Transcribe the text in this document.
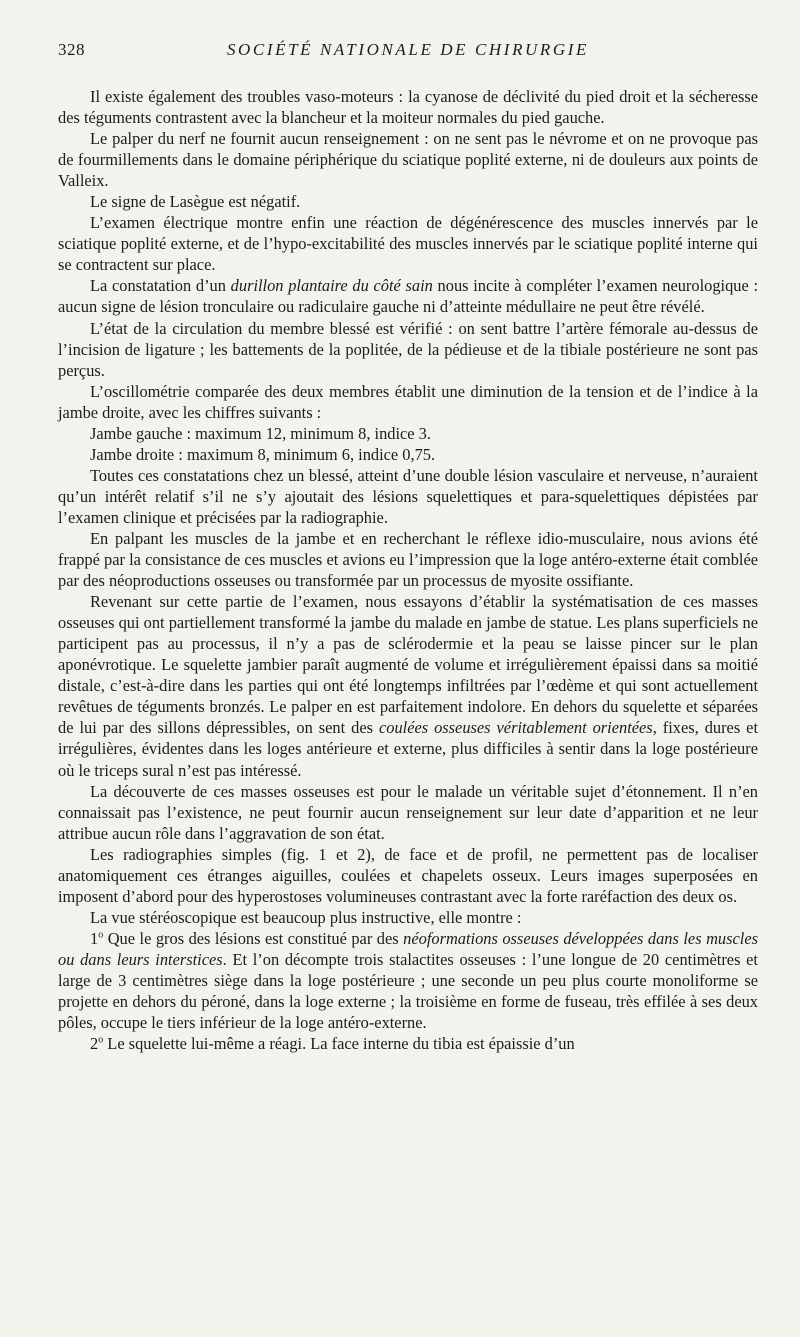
328	SOCIÉTÉ NATIONALE DE CHIRURGIE

Il existe également des troubles vaso-moteurs : la cyanose de déclivité du pied droit et la sécheresse des téguments contrastent avec la blancheur et la moiteur normales du pied gauche.

Le palper du nerf ne fournit aucun renseignement : on ne sent pas le névrome et on ne provoque pas de fourmillements dans le domaine périphérique du sciatique poplité externe, ni de douleurs aux points de Valleix.

Le signe de Lasègue est négatif.

L’examen électrique montre enfin une réaction de dégénérescence des muscles innervés par le sciatique poplité externe, et de l’hypo-excitabilité des muscles innervés par le sciatique poplité interne qui se contractent sur place.

La constatation d’un durillon plantaire du côté sain nous incite à compléter l’examen neurologique : aucun signe de lésion tronculaire ou radiculaire gauche ni d’atteinte médullaire ne peut être révélé.

L’état de la circulation du membre blessé est vérifié : on sent battre l’artère fémorale au-dessus de l’incision de ligature ; les battements de la poplitée, de la pédieuse et de la tibiale postérieure ne sont pas perçus.

L’oscillométrie comparée des deux membres établit une diminution de la tension et de l’indice à la jambe droite, avec les chiffres suivants :

Jambe gauche : maximum 12, minimum 8, indice 3.

Jambe droite : maximum 8, minimum 6, indice 0,75.

Toutes ces constatations chez un blessé, atteint d’une double lésion vasculaire et nerveuse, n’auraient qu’un intérêt relatif s’il ne s’y ajoutait des lésions squelettiques et para-squelettiques dépistées par l’examen clinique et précisées par la radiographie.

En palpant les muscles de la jambe et en recherchant le réflexe idio-musculaire, nous avions été frappé par la consistance de ces muscles et avions eu l’impression que la loge antéro-externe était comblée par des néoproductions osseuses ou transformée par un processus de myosite ossifiante.

Revenant sur cette partie de l’examen, nous essayons d’établir la systématisation de ces masses osseuses qui ont partiellement transformé la jambe du malade en jambe de statue. Les plans superficiels ne participent pas au processus, il n’y a pas de sclérodermie et la peau se laisse pincer sur le plan aponévrotique. Le squelette jambier paraît augmenté de volume et irrégulièrement épaissi dans sa moitié distale, c’est-à-dire dans les parties qui ont été longtemps infiltrées par l’œdème et qui sont actuellement revêtues de téguments bronzés. Le palper en est parfaitement indolore. En dehors du squelette et séparées de lui par des sillons dépressibles, on sent des coulées osseuses véritablement orientées, fixes, dures et irrégulières, évidentes dans les loges antérieure et externe, plus difficiles à sentir dans la loge postérieure où le triceps sural n’est pas intéressé.

La découverte de ces masses osseuses est pour le malade un véritable sujet d’étonnement. Il n’en connaissait pas l’existence, ne peut fournir aucun renseignement sur leur date d’apparition et ne leur attribue aucun rôle dans l’aggravation de son état.

Les radiographies simples (fig. 1 et 2), de face et de profil, ne permettent pas de localiser anatomiquement ces étranges aiguilles, coulées et chapelets osseux. Leurs images superposées en imposent d’abord pour des hyperostoses volumineuses contrastant avec la forte raréfaction des deux os.

La vue stéréoscopique est beaucoup plus instructive, elle montre :

1$^o$ Que le gros des lésions est constitué par des néoformations osseuses développées dans les muscles ou dans leurs interstices. Et l’on décompte trois stalactites osseuses : l’une longue de 20 centimètres et large de 3 centimètres siège dans la loge postérieure ; une seconde un peu plus courte monoliforme se projette en dehors du péroné, dans la loge externe ; la troisième en forme de fuseau, très effilée à ses deux pôles, occupe le tiers inférieur de la loge antéro-externe.

2$^o$ Le squelette lui-même a réagi. La face interne du tibia est épaissie d’un
